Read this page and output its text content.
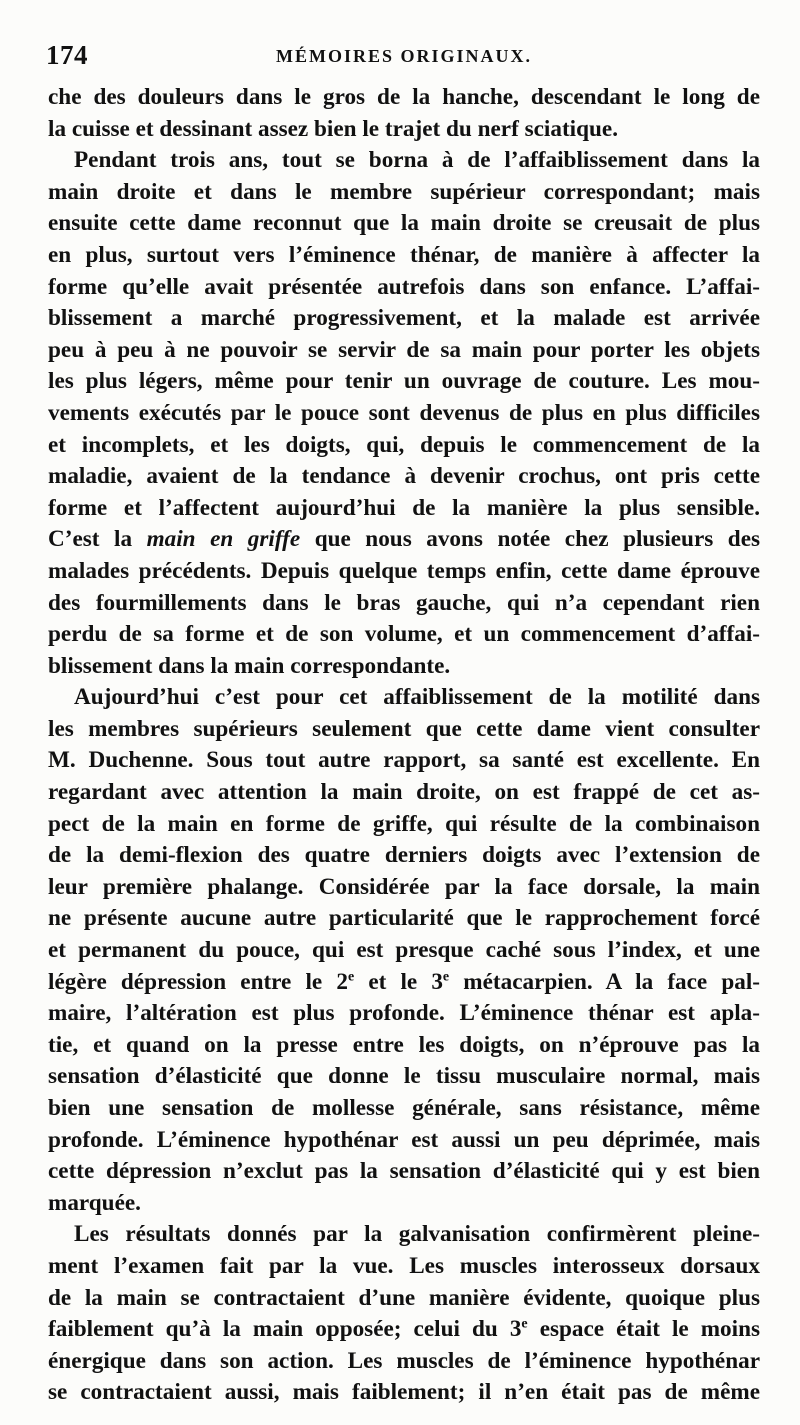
174	MÉMOIRES ORIGINAUX.
che des douleurs dans le gros de la hanche, descendant le long de
la cuisse et dessinant assez bien le trajet du nerf sciatique.
Pendant trois ans, tout se borna à de l’affaiblissement dans la
main droite et dans le membre supérieur correspondant; mais
ensuite cette dame reconnut que la main droite se creusait de plus
en plus, surtout vers l’éminence thénar, de manière à affecter la
forme qu’elle avait présentée autrefois dans son enfance. L’affai-
blissement a marché progressivement, et la malade est arrivée
peu à peu à ne pouvoir se servir de sa main pour porter les objets
les plus légers, même pour tenir un ouvrage de couture. Les mou-
vements exécutés par le pouce sont devenus de plus en plus difficiles
et incomplets, et les doigts, qui, depuis le commencement de la
maladie, avaient de la tendance à devenir crochus, ont pris cette
forme et l’affectent aujourd’hui de la manière la plus sensible.
C’est la main en griffe que nous avons notée chez plusieurs des
malades précédents. Depuis quelque temps enfin, cette dame éprouve
des fourmillements dans le bras gauche, qui n’a cependant rien
perdu de sa forme et de son volume, et un commencement d’affai-
blissement dans la main correspondante.
Aujourd’hui c’est pour cet affaiblissement de la motilité dans
les membres supérieurs seulement que cette dame vient consulter
M. Duchenne. Sous tout autre rapport, sa santé est excellente. En
regardant avec attention la main droite, on est frappé de cet as-
pect de la main en forme de griffe, qui résulte de la combinaison
de la demi-flexion des quatre derniers doigts avec l’extension de
leur première phalange. Considérée par la face dorsale, la main
ne présente aucune autre particularité que le rapprochement forcé
et permanent du pouce, qui est presque caché sous l’index, et une
légère dépression entre le 2e et le 3e métacarpien. A la face pal-
maire, l’altération est plus profonde. L’éminence thénar est apla-
tie, et quand on la presse entre les doigts, on n’éprouve pas la
sensation d’élasticité que donne le tissu musculaire normal, mais
bien une sensation de mollesse générale, sans résistance, même
profonde. L’éminence hypothénar est aussi un peu déprimée, mais
cette dépression n’exclut pas la sensation d’élasticité qui y est bien
marquée.
Les résultats donnés par la galvanisation confirmèrent pleine-
ment l’examen fait par la vue. Les muscles interosseux dorsaux
de la main se contractaient d’une manière évidente, quoique plus
faiblement qu’à la main opposée; celui du 3e espace était le moins
énergique dans son action. Les muscles de l’éminence hypothénar
se contractaient aussi, mais faiblement; il n’en était pas de même
